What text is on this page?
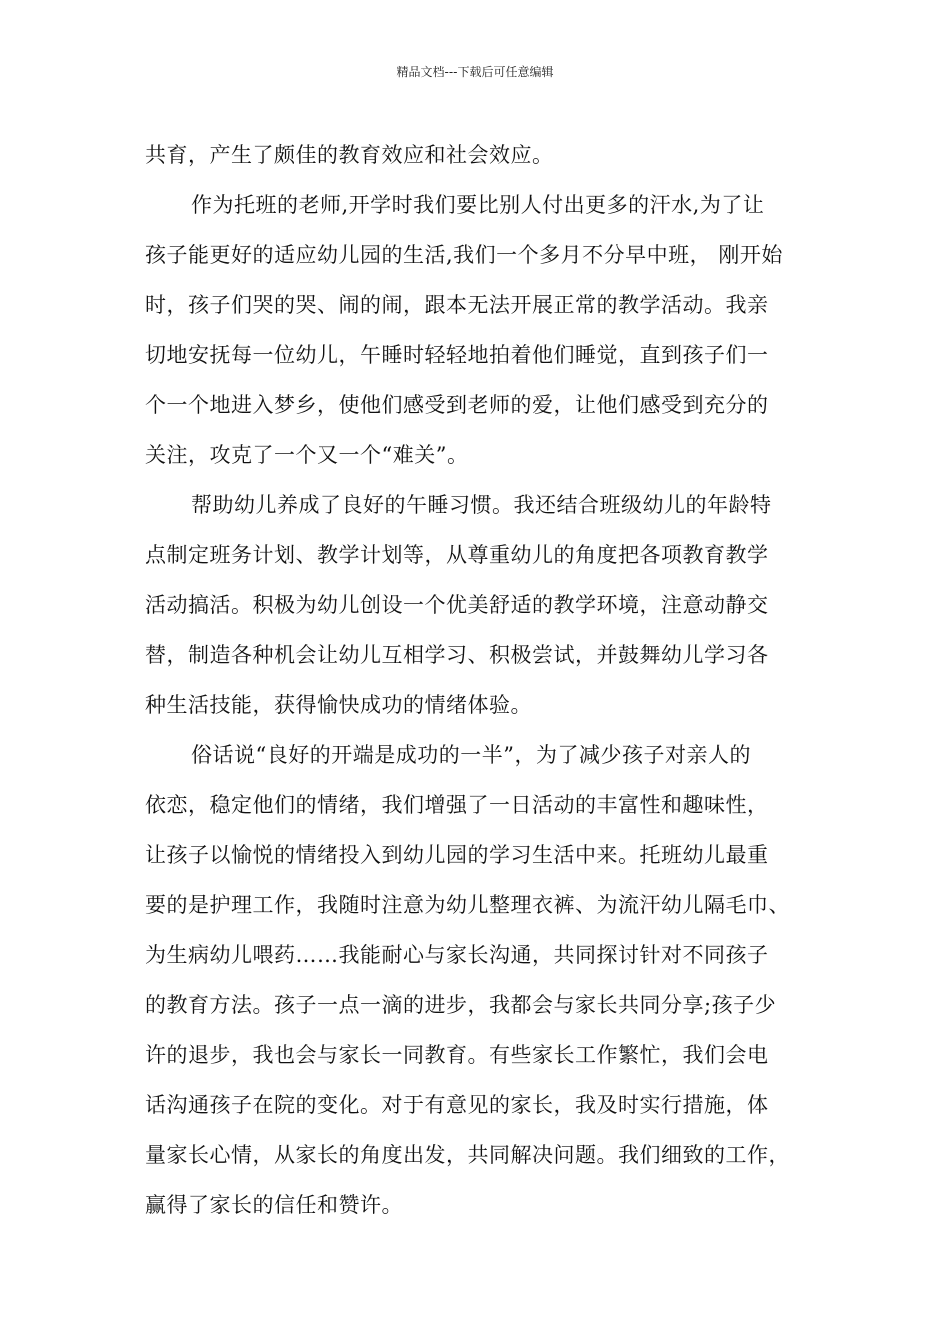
精品文档---下载后可任意编辑
共育，产生了颇佳的教育效应和社会效应。
作为托班的老师,开学时我们要比别人付出更多的汗水,为了让
孩子能更好的适应幼儿园的生活,我们一个多月不分早中班， 刚开始
时，孩子们哭的哭、闹的闹，跟本无法开展正常的教学活动。我亲
切地安抚每一位幼儿，午睡时轻轻地拍着他们睡觉，直到孩子们一
个一个地进入梦乡，使他们感受到老师的爱，让他们感受到充分的
关注，攻克了一个又一个“难关”。
帮助幼儿养成了良好的午睡习惯。我还结合班级幼儿的年龄特
点制定班务计划、教学计划等，从尊重幼儿的角度把各项教育教学
活动搞活。积极为幼儿创设一个优美舒适的教学环境，注意动静交
替，制造各种机会让幼儿互相学习、积极尝试，并鼓舞幼儿学习各
种生活技能，获得愉快成功的情绪体验。
俗话说“良好的开端是成功的一半”，为了减少孩子对亲人的
依恋，稳定他们的情绪，我们增强了一日活动的丰富性和趣味性，
让孩子以愉悦的情绪投入到幼儿园的学习生活中来。托班幼儿最重
要的是护理工作，我随时注意为幼儿整理衣裤、为流汗幼儿隔毛巾、
为生病幼儿喂药……我能耐心与家长沟通，共同探讨针对不同孩子
的教育方法。孩子一点一滴的进步，我都会与家长共同分享;孩子少
许的退步，我也会与家长一同教育。有些家长工作繁忙，我们会电
话沟通孩子在院的变化。对于有意见的家长，我及时实行措施，体
量家长心情，从家长的角度出发，共同解决问题。我们细致的工作，
赢得了家长的信任和赞许。
